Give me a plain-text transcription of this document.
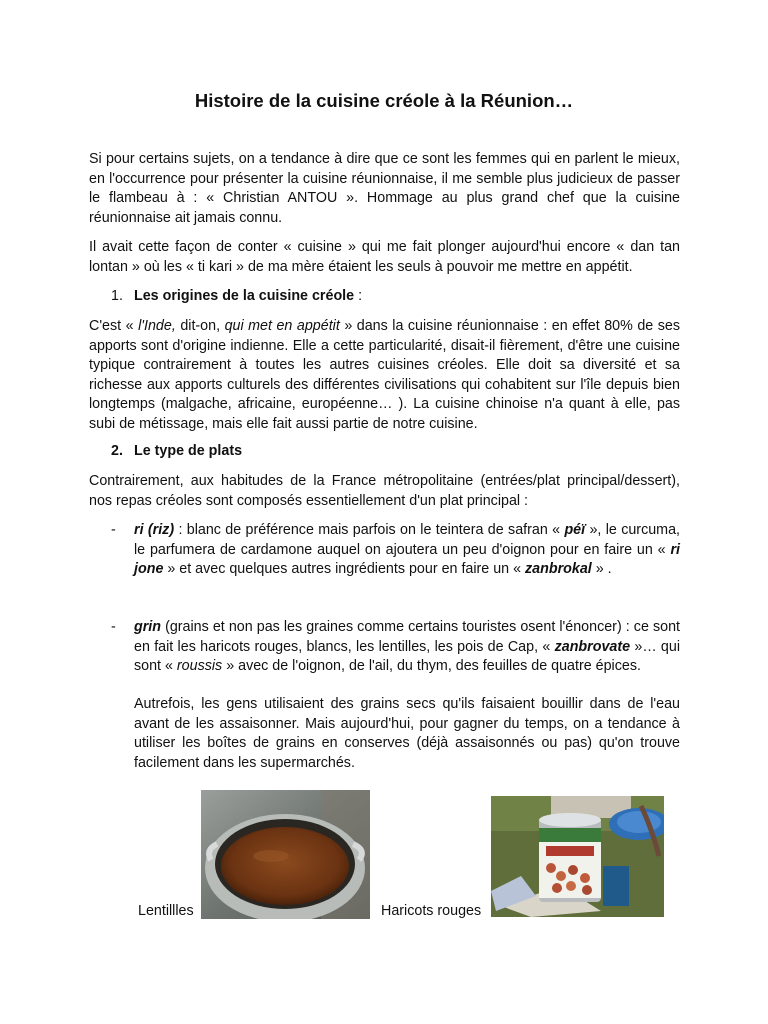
Histoire de la cuisine créole à la Réunion…

Si pour certains sujets, on a tendance à dire que ce sont les femmes qui en parlent le mieux, en l'occurrence pour présenter la cuisine réunionnaise, il me semble plus judicieux de passer le flambeau à : « Christian ANTOU ». Hommage au plus grand chef que la cuisine réunionnaise ait jamais connu.

Il avait cette façon de conter « cuisine » qui me fait plonger aujourd'hui encore « dan tan lontan » où les « ti kari » de ma mère étaient les seuls à pouvoir me mettre en appétit.

1. Les origines de la cuisine créole :

C'est « l'Inde, dit-on, qui met en appétit » dans la cuisine réunionnaise : en effet 80% de ses apports sont d'origine indienne. Elle a cette particularité, disait-il fièrement, d'être une cuisine typique contrairement à toutes les autres cuisines créoles. Elle doit sa diversité et sa richesse aux apports culturels des différentes civilisations qui cohabitent sur l'île depuis bien longtemps (malgache, africaine, européenne… ). La cuisine chinoise n'a quant à elle, pas subi de métissage, mais elle fait aussi partie de notre cuisine.

2. Le type de plats

Contrairement, aux habitudes de la France métropolitaine (entrées/plat principal/dessert), nos repas créoles sont composés essentiellement d'un plat principal :

- ri (riz) : blanc de préférence mais parfois on le teintera de safran « péï », le curcuma, le parfumera de cardamone auquel on ajoutera un peu d'oignon pour en faire un « ri jone » et avec quelques autres ingrédients pour en faire un « zanbrokal » .

- grin (grains et non pas les graines comme certains touristes osent l'énoncer) : ce sont en fait les haricots rouges, blancs, les lentilles, les pois de Cap, « zanbrovate »… qui sont « roussis » avec de l'oignon, de l'ail, du thym, des feuilles de quatre épices.

Autrefois, les gens utilisaient des grains secs qu'ils faisaient bouillir dans de l'eau avant de les assaisonner. Mais aujourd'hui, pour gagner du temps, on a tendance à utiliser les boîtes de grains en conserves (déjà assaisonnés ou pas) qu'on trouve facilement dans les supermarchés.

Lentillles	Haricots rouges
